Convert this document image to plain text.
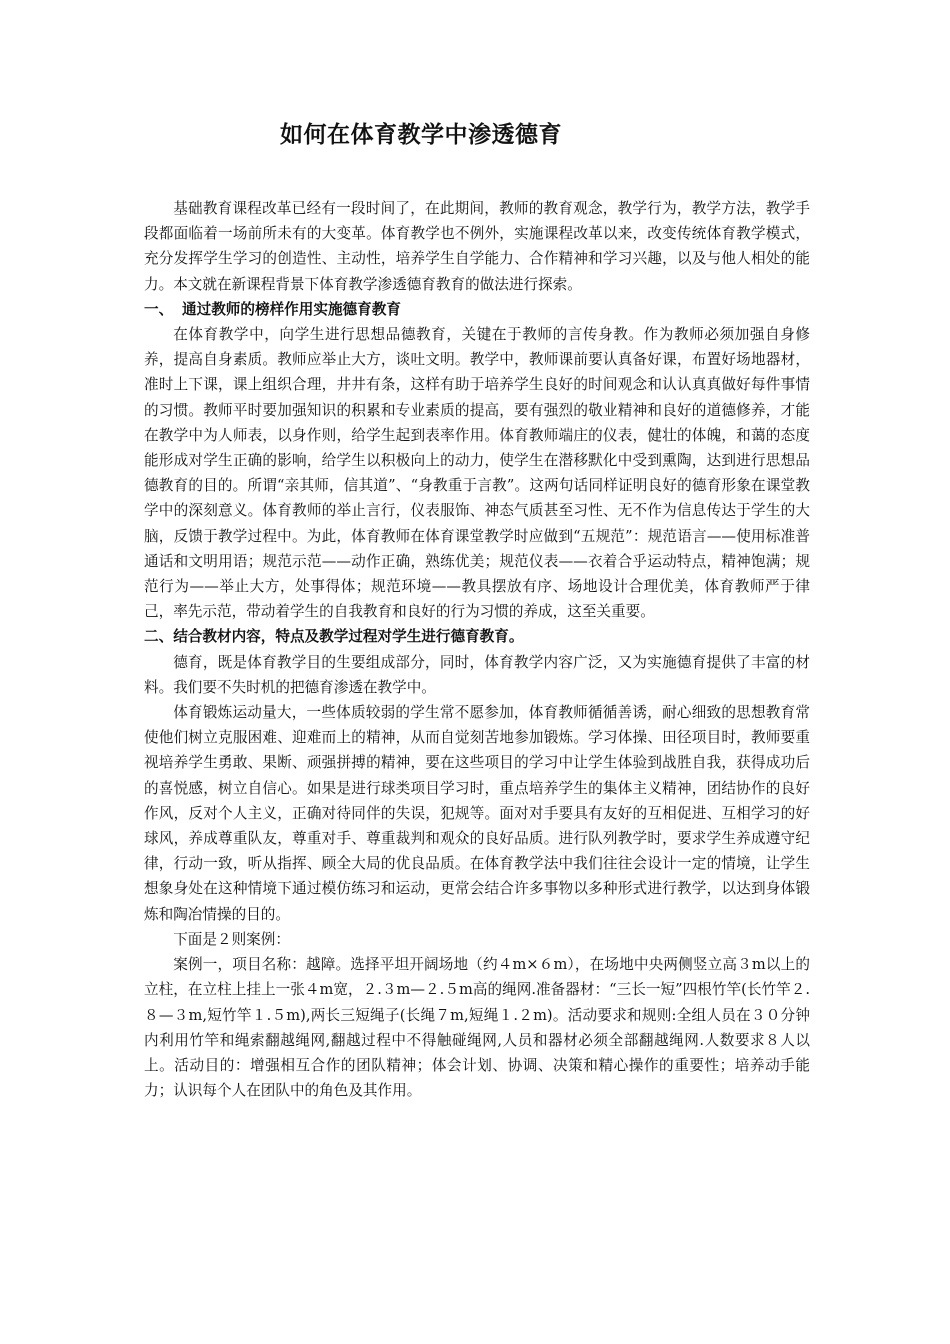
如何在体育教学中渗透德育

基础教育课程改革已经有一段时间了，在此期间，教师的教育观念，教学行为，教学方法，教学手段都面临着一场前所未有的大变革。体育教学也不例外，实施课程改革以来，改变传统体育教学模式，充分发挥学生学习的创造性、主动性，培养学生自学能力、合作精神和学习兴趣，以及与他人相处的能力。本文就在新课程背景下体育教学渗透德育教育的做法进行探索。

一、 通过教师的榜样作用实施德育教育

在体育教学中，向学生进行思想品德教育，关键在于教师的言传身教。作为教师必须加强自身修养，提高自身素质。教师应举止大方，谈吐文明。教学中，教师课前要认真备好课，布置好场地器材，准时上下课，课上组织合理，井井有条，这样有助于培养学生良好的时间观念和认认真真做好每件事情的习惯。教师平时要加强知识的积累和专业素质的提高，要有强烈的敬业精神和良好的道德修养，才能在教学中为人师表，以身作则，给学生起到表率作用。体育教师端庄的仪表，健壮的体魄，和蔼的态度能形成对学生正确的影响，给学生以积极向上的动力，使学生在潜移默化中受到熏陶，达到进行思想品德教育的目的。所谓“亲其师，信其道”、“身教重于言教”。这两句话同样证明良好的德育形象在课堂教学中的深刻意义。体育教师的举止言行，仪表服饰、神态气质甚至习性、无不作为信息传达于学生的大脑，反馈于教学过程中。为此，体育教师在体育课堂教学时应做到“五规范”：规范语言——使用标准普通话和文明用语；规范示范——动作正确，熟练优美；规范仪表——衣着合乎运动特点，精神饱满；规范行为——举止大方，处事得体；规范环境——教具摆放有序、场地设计合理优美，体育教师严于律己，率先示范，带动着学生的自我教育和良好的行为习惯的养成，这至关重要。

二、结合教材内容，特点及教学过程对学生进行德育教育。

德育，既是体育教学目的生要组成部分，同时，体育教学内容广泛，又为实施德育提供了丰富的材料。我们要不失时机的把德育渗透在教学中。

体育锻炼运动量大，一些体质较弱的学生常不愿参加，体育教师循循善诱，耐心细致的思想教育常使他们树立克服困难、迎难而上的精神，从而自觉刻苦地参加锻炼。学习体操、田径项目时，教师要重视培养学生勇敢、果断、顽强拼搏的精神，要在这些项目的学习中让学生体验到战胜自我，获得成功后的喜悦感，树立自信心。如果是进行球类项目学习时，重点培养学生的集体主义精神，团结协作的良好作风，反对个人主义，正确对待同伴的失误，犯规等。面对对手要具有友好的互相促进、互相学习的好球风，养成尊重队友，尊重对手、尊重裁判和观众的良好品质。进行队列教学时，要求学生养成遵守纪律，行动一致，听从指挥、顾全大局的优良品质。在体育教学法中我们往往会设计一定的情境，让学生想象身处在这种情境下通过模仿练习和运动，更常会结合许多事物以多种形式进行教学，以达到身体锻炼和陶冶情操的目的。

下面是２则案例：

案例一，项目名称：越障。选择平坦开阔场地（约４m×６m），在场地中央两侧竖立高３m以上的立柱，在立柱上挂上一张４m宽，２.３m—２.５m高的绳网.准备器材：“三长一短”四根竹竿(长竹竿２.８—３m,短竹竿１.５m),两长三短绳子(长绳７m,短绳１.２m)。活动要求和规则:全组人员在３０分钟内利用竹竿和绳索翻越绳网,翻越过程中不得触碰绳网,人员和器材必须全部翻越绳网.人数要求８人以上。活动目的：增强相互合作的团队精神；体会计划、协调、决策和精心操作的重要性；培养动手能力；认识每个人在团队中的角色及其作用。
